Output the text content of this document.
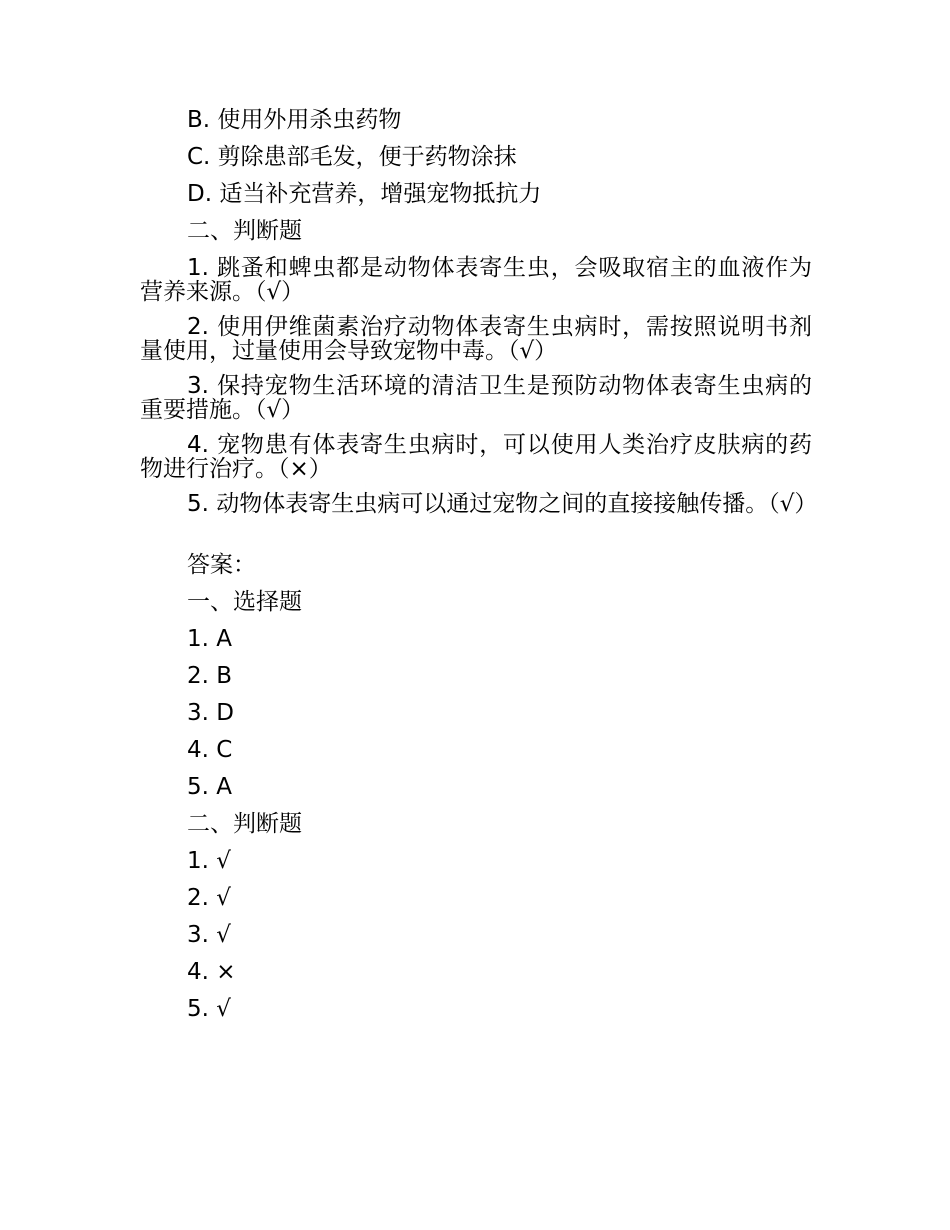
B. 使用外用杀虫药物
C. 剪除患部毛发，便于药物涂抹
D. 适当补充营养，增强宠物抵抗力
二、判断题
1. 跳蚤和蜱虫都是动物体表寄生虫，会吸取宿主的血液作为营养来源。（√）
2. 使用伊维菌素治疗动物体表寄生虫病时，需按照说明书剂量使用，过量使用会导致宠物中毒。（√）
3. 保持宠物生活环境的清洁卫生是预防动物体表寄生虫病的重要措施。（√）
4. 宠物患有体表寄生虫病时，可以使用人类治疗皮肤病的药物进行治疗。（×）
5. 动物体表寄生虫病可以通过宠物之间的直接接触传播。（√）
答案：
一、选择题
1. A
2. B
3. D
4. C
5. A
二、判断题
1. √
2. √
3. √
4. ×
5. √
